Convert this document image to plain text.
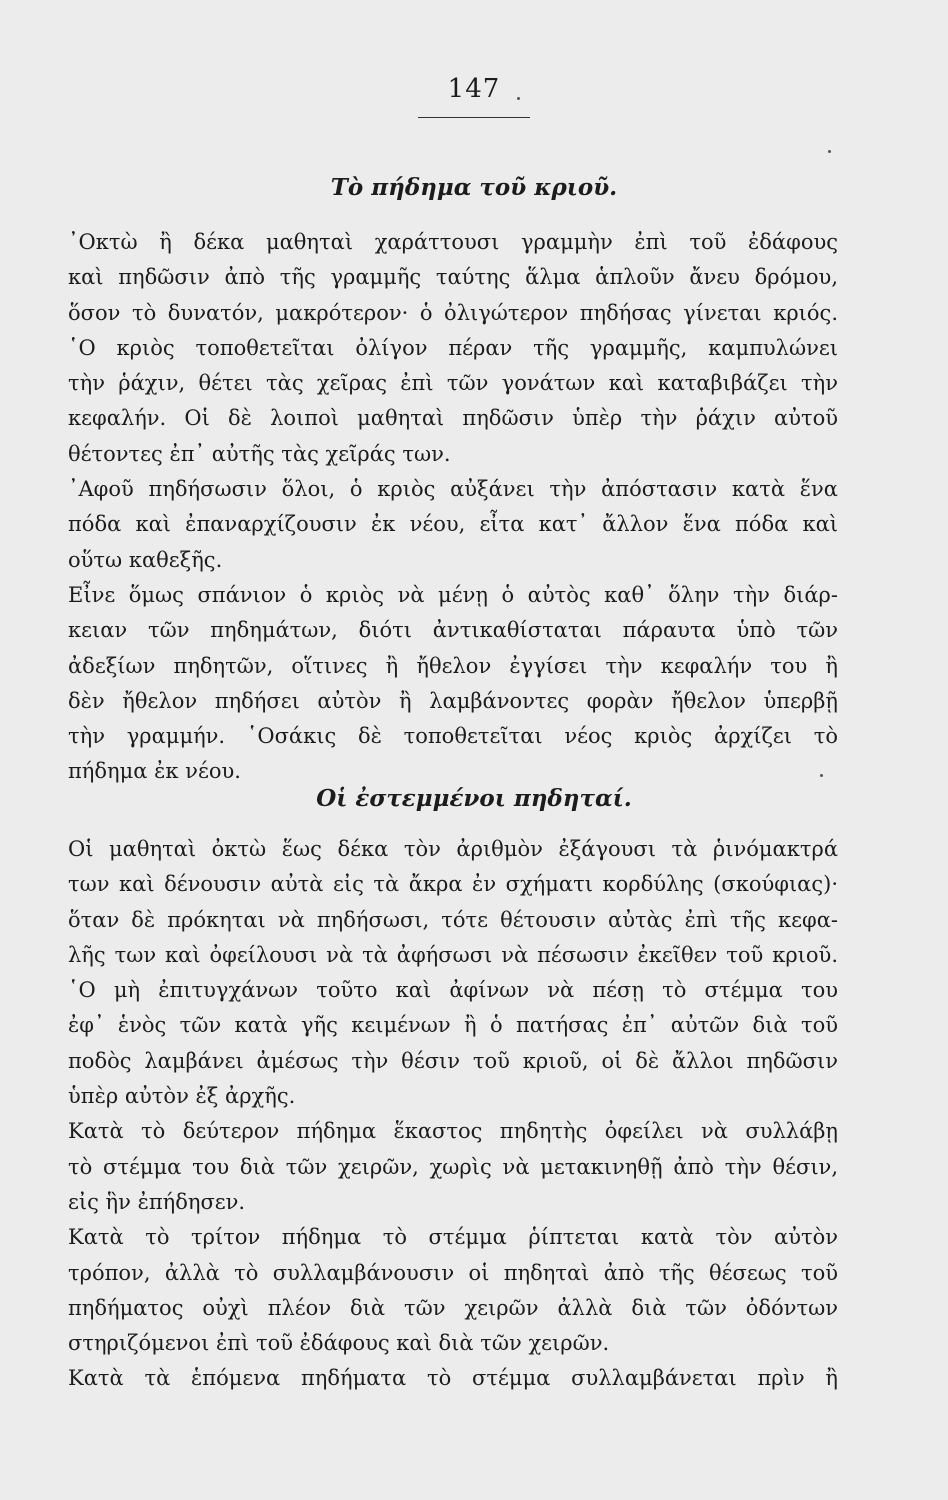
147
Τὸ πήδημα τοῦ κριοῦ.
᾽Οκτὼ ἢ δέκα μαθηταὶ χαράττουσι γραμμὴν ἐπὶ τοῦ ἐδάφους
καὶ πηδῶσιν ἀπὸ τῆς γραμμῆς ταύτης ἅλμα ἁπλοῦν ἄνευ δρόμου,
ὅσον τὸ δυνατόν, μακρότερον· ὁ ὀλιγώτερον πηδήσας γίνεται κριός.
῾Ο κριὸς τοποθετεῖται ὀλίγον πέραν τῆς γραμμῆς, καμπυλώνει
τὴν ῥάχιν, θέτει τὰς χεῖρας ἐπὶ τῶν γονάτων καὶ καταβιβάζει τὴν
κεφαλήν. Οἱ δὲ λοιποὶ μαθηταὶ πηδῶσιν ὑπὲρ τὴν ῥάχιν αὐτοῦ
θέτοντες ἐπ᾽ αὐτῆς τὰς χεῖράς των.
᾽Αφοῦ πηδήσωσιν ὅλοι, ὁ κριὸς αὐξάνει τὴν ἀπόστασιν κατὰ ἕνα
πόδα καὶ ἐπαναρχίζουσιν ἐκ νέου, εἶτα κατ᾽ ἄλλον ἕνα πόδα καὶ
οὕτω καθεξῆς.
Εἶνε ὅμως σπάνιον ὁ κριὸς νὰ μένῃ ὁ αὐτὸς καθ᾽ ὅλην τὴν διάρ-
κειαν τῶν πηδημάτων, διότι ἀντικαθίσταται πάραυτα ὑπὸ τῶν
ἀδεξίων πηδητῶν, οἵτινες ἢ ἤθελον ἐγγίσει τὴν κεφαλήν του ἢ
δὲν ἤθελον πηδήσει αὐτὸν ἢ λαμβάνοντες φορὰν ἤθελον ὑπερβῇ
τὴν γραμμήν. ῾Οσάκις δὲ τοποθετεῖται νέος κριὸς ἀρχίζει τὸ
πήδημα ἐκ νέου.
Οἱ ἐστεμμένοι πηδηταί.
Οἱ μαθηταὶ ὀκτὼ ἕως δέκα τὸν ἀριθμὸν ἐξάγουσι τὰ ῥινόμακτρά
των καὶ δένουσιν αὐτὰ εἰς τὰ ἄκρα ἐν σχήματι κορδύλης (σκούφιας)·
ὅταν δὲ πρόκηται νὰ πηδήσωσι, τότε θέτουσιν αὐτὰς ἐπὶ τῆς κεφα-
λῆς των καὶ ὀφείλουσι νὰ τὰ ἀφήσωσι νὰ πέσωσιν ἐκεῖθεν τοῦ κριοῦ.
῾Ο μὴ ἐπιτυγχάνων τοῦτο καὶ ἀφίνων νὰ πέσῃ τὸ στέμμα του
ἐφ᾽ ἑνὸς τῶν κατὰ γῆς κειμένων ἢ ὁ πατήσας ἐπ᾽ αὐτῶν διὰ τοῦ
ποδὸς λαμβάνει ἀμέσως τὴν θέσιν τοῦ κριοῦ, οἱ δὲ ἄλλοι πηδῶσιν
ὑπὲρ αὐτὸν ἐξ ἀρχῆς.
Κατὰ τὸ δεύτερον πήδημα ἕκαστος πηδητὴς ὀφείλει νὰ συλλάβῃ
τὸ στέμμα του διὰ τῶν χειρῶν, χωρὶς νὰ μετακινηθῇ ἀπὸ τὴν θέσιν,
εἰς ἣν ἐπήδησεν.
Κατὰ τὸ τρίτον πήδημα τὸ στέμμα ῥίπτεται κατὰ τὸν αὐτὸν
τρόπον, ἀλλὰ τὸ συλλαμβάνουσιν οἱ πηδηταὶ ἀπὸ τῆς θέσεως τοῦ
πηδήματος οὐχὶ πλέον διὰ τῶν χειρῶν ἀλλὰ διὰ τῶν ὀδόντων
στηριζόμενοι ἐπὶ τοῦ ἐδάφους καὶ διὰ τῶν χειρῶν.
Κατὰ τὰ ἑπόμενα πηδήματα τὸ στέμμα συλλαμβάνεται πρὶν ἢ
